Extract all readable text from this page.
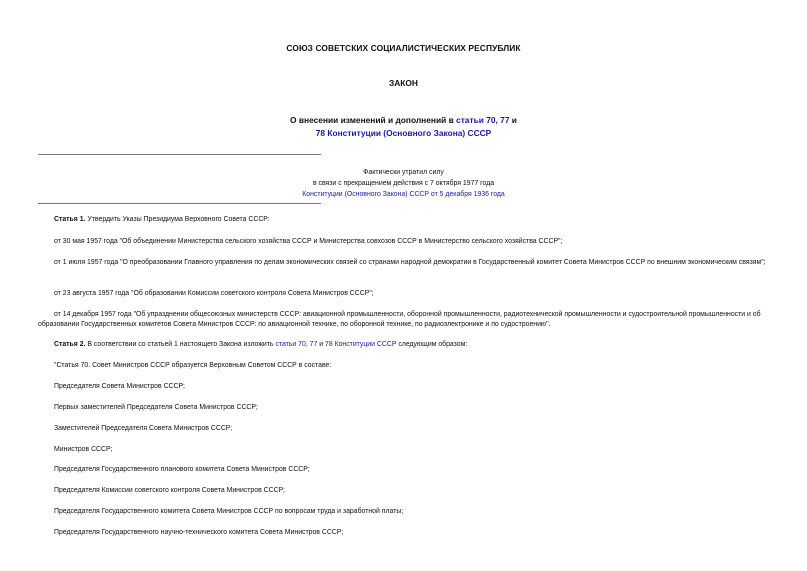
СОЮЗ СОВЕТСКИХ СОЦИАЛИСТИЧЕСКИХ РЕСПУБЛИК
ЗАКОН
О внесении изменений и дополнений в статьи 70, 77 и
78 Конституции (Основного Закона) СССР
Фактически утратил силу
в связи с прекращением действия с 7 октября 1977 года
Конституции (Основного Закона) СССР от 5 декабря 1936 года
Статья 1. Утвердить Указы Президиума Верховного Совета СССР:
от 30 мая 1957 года "Об объединении Министерства сельского хозяйства СССР и Министерства совхозов СССР в Министерство сельского хозяйства СССР";
от 1 июля 1957 года "О преобразовании Главного управления по делам экономических связей со странами народной демократии в Государственный комитет Совета Министров СССР по внешним экономическим связям";
от 23 августа 1957 года "Об образовании Комиссии советского контроля Совета Министров СССР";
от 14 декабря 1957 года "Об упразднении общесоюзных министерств СССР: авиационной промышленности, оборонной промышленности, радиотехнической промышленности и судостроительной промышленности и об образовании Государственных комитетов Совета Министров СССР: по авиационной технике, по оборонной технике, по радиоэлектронике и по судостроению".
Статья 2. В соответствии со статьей 1 настоящего Закона изложить статьи 70, 77 и 78 Конституции СССР следующим образом:
"Статья 70. Совет Министров СССР образуется Верховным Советом СССР в составе:
Председателя Совета Министров СССР;
Первых заместителей Председателя Совета Министров СССР;
Заместителей Председателя Совета Министров СССР;
Министров СССР;
Председателя Государственного планового комитета Совета Министров СССР;
Председателя Комиссии советского контроля Совета Министров СССР;
Председателя Государственного комитета Совета Министров СССР по вопросам труда и заработной платы;
Председателя Государственного научно-технического комитета Совета Министров СССР;
